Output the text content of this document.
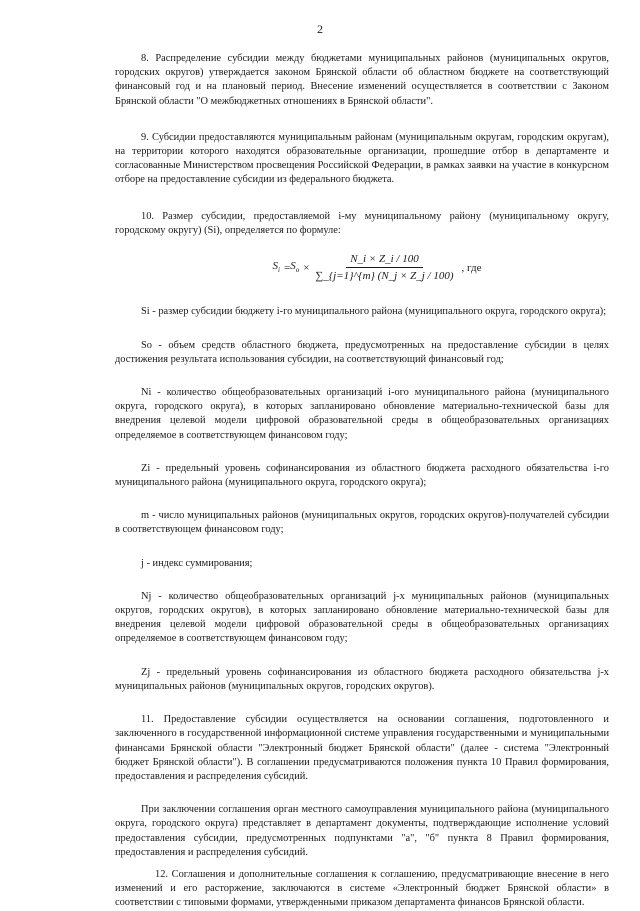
2

8. Распределение субсидии между бюджетами муниципальных районов (муниципальных округов, городских округов) утверждается законом Брянской области об областном бюджете на соответствующий финансовый год и на плановый период. Внесение изменений осуществляется в соответствии с Законом Брянской области "О межбюджетных отношениях в Брянской области".

9. Субсидии предоставляются муниципальным районам (муниципальным округам, городским округам), на территории которого находятся образовательные организации, прошедшие отбор в департаменте и согласованные Министерством просвещения Российской Федерации, в рамках заявки на участие в конкурсном отборе на предоставление субсидии из федерального бюджета.

10. Размер субсидии, предоставляемой i-му муниципальному району (муниципальному округу, городскому округу) (Si), определяется по формуле:

$S_i = S_o \times \frac{N\_i \times Z\_i / 100}{\sum\_\{j=1\}\^{}\{m\} (N\_j \times Z\_j / 100)}$ , где

Si - размер субсидии бюджету i-го муниципального района (муниципального округа, городского округа);

So - объем средств областного бюджета, предусмотренных на предоставление субсидии в целях достижения результата использования субсидии, на соответствующий финансовый год;

Ni - количество общеобразовательных организаций i-ого муниципального района (муниципального округа, городского округа), в которых запланировано обновление материально-технической базы для внедрения целевой модели цифровой образовательной среды в общеобразовательных организациях определяемое в соответствующем финансовом году;

Zi - предельный уровень софинансирования из областного бюджета расходного обязательства i-го муниципального района (муниципального округа, городского округа);

m - число муниципальных районов (муниципальных округов, городских округов)-получателей субсидии в соответствующем финансовом году;

j - индекс суммирования;

Nj - количество общеобразовательных организаций j-х муниципальных районов (муниципальных округов, городских округов), в которых запланировано обновление материально-технической базы для внедрения целевой модели цифровой образовательной среды в общеобразовательных организациях определяемое в соответствующем финансовом году;

Zj - предельный уровень софинансирования из областного бюджета расходного обязательства j-х муниципальных районов (муниципальных округов, городских округов).

11. Предоставление субсидии осуществляется на основании соглашения, подготовленного и заключенного в государственной информационной системе управления государственными и муниципальными финансами Брянской области "Электронный бюджет Брянской области" (далее - система "Электронный бюджет Брянской области"). В соглашении предусматриваются положения пункта 10 Правил формирования, предоставления и распределения субсидий.

При заключении соглашения орган местного самоуправления муниципального района (муниципального округа, городского округа) представляет в департамент документы, подтверждающие исполнение условий предоставления субсидии, предусмотренных подпунктами "а", "б" пункта 8 Правил формирования, предоставления и распределения субсидий.

12. Соглашения и дополнительные соглашения к соглашению, предусматривающие внесение в него изменений и его расторжение, заключаются в системе «Электронный бюджет Брянской области» в соответствии с типовыми формами, утвержденными приказом департамента финансов Брянской области.
